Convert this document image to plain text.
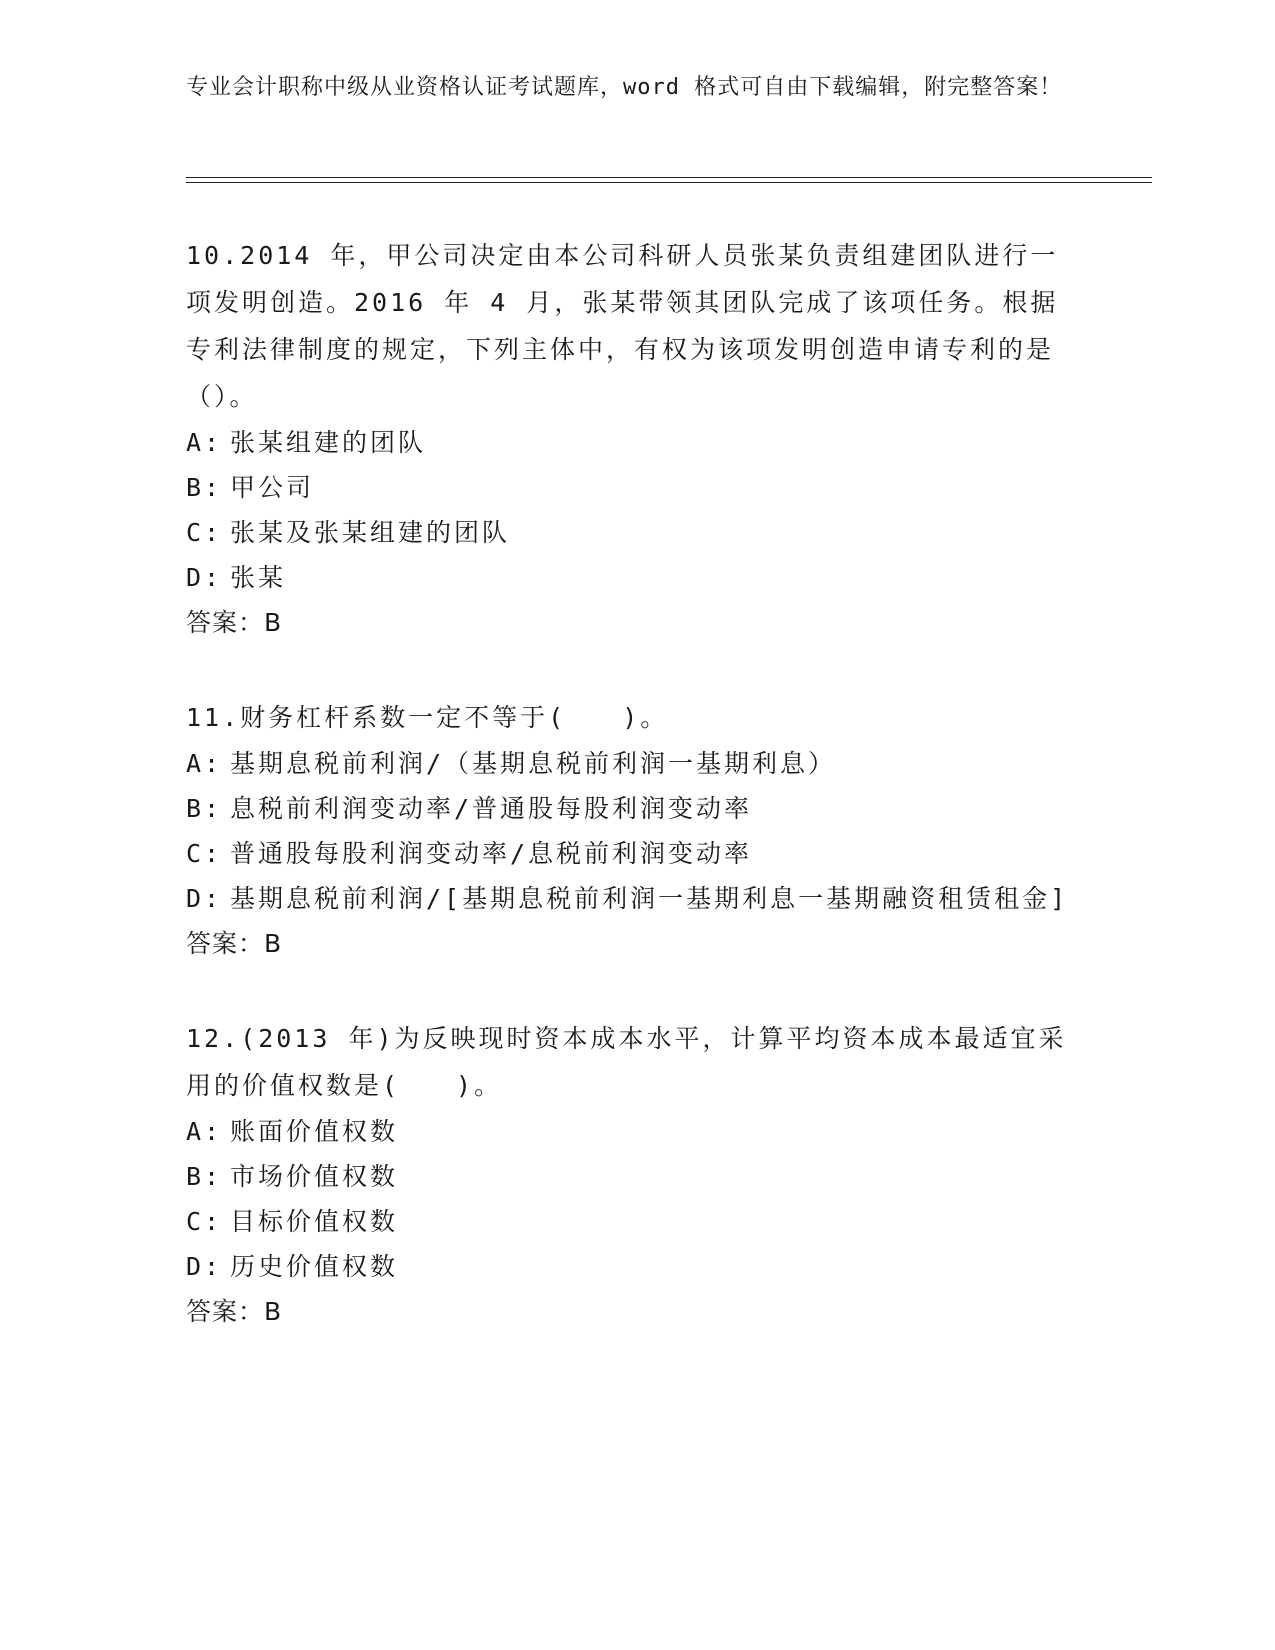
专业会计职称中级从业资格认证考试题库，word 格式可自由下载编辑，附完整答案！
10.2014 年，甲公司决定由本公司科研人员张某负责组建团队进行一项发明创造。2016 年 4 月，张某带领其团队完成了该项任务。根据专利法律制度的规定，下列主体中，有权为该项发明创造申请专利的是（）。
A: 张某组建的团队
B: 甲公司
C: 张某及张某组建的团队
D: 张某
答案：B
11.财务杠杆系数一定不等于(　　)。
A: 基期息税前利润/（基期息税前利润一基期利息）
B: 息税前利润变动率/普通股每股利润变动率
C: 普通股每股利润变动率/息税前利润变动率
D: 基期息税前利润/[基期息税前利润一基期利息一基期融资租赁租金]
答案：B
12.(2013 年)为反映现时资本成本水平，计算平均资本成本最适宜采用的价值权数是(　　)。
A: 账面价值权数
B: 市场价值权数
C: 目标价值权数
D: 历史价值权数
答案：B
